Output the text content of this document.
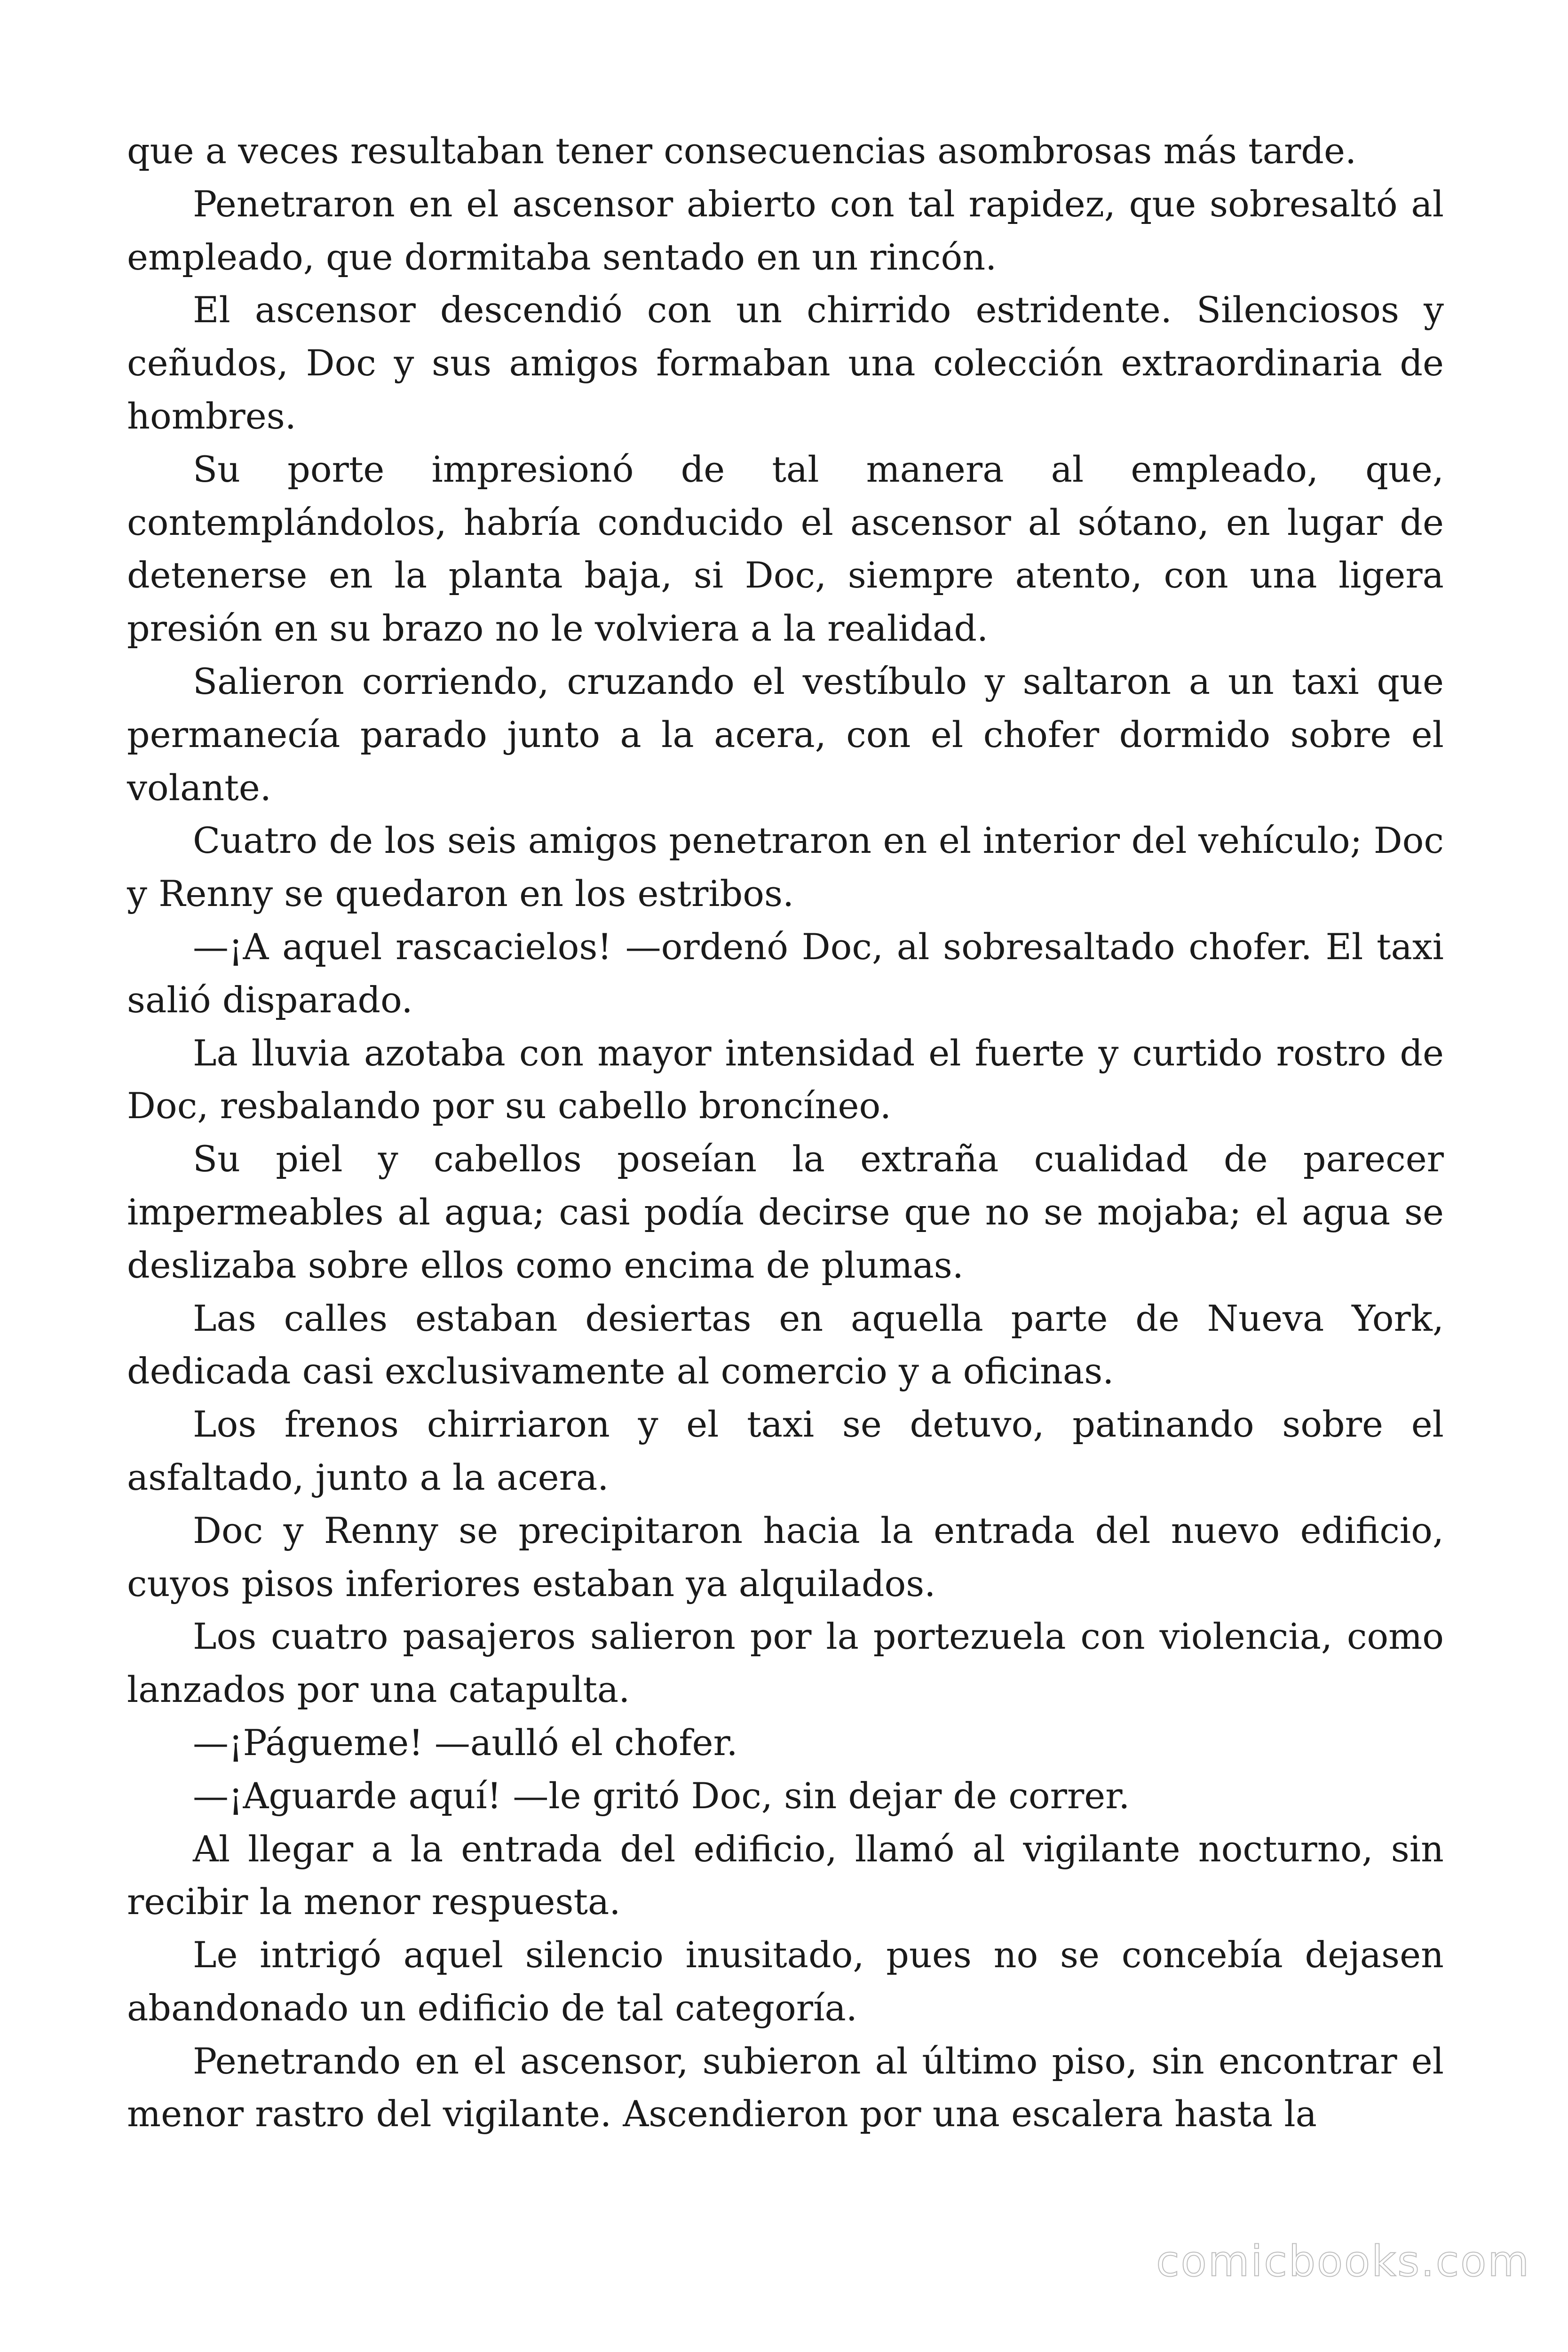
que a veces resultaban tener consecuencias asombrosas más tarde.

Penetraron en el ascensor abierto con tal rapidez, que sobresaltó al empleado, que dormitaba sentado en un rincón.

El ascensor descendió con un chirrido estridente. Silenciosos y ceñudos, Doc y sus amigos formaban una colección extraordinaria de hombres.

Su porte impresionó de tal manera al empleado, que, contemplándolos, habría conducido el ascensor al sótano, en lugar de detenerse en la planta baja, si Doc, siempre atento, con una ligera presión en su brazo no le volviera a la realidad.

Salieron corriendo, cruzando el vestíbulo y saltaron a un taxi que permanecía parado junto a la acera, con el chofer dormido sobre el volante.

Cuatro de los seis amigos penetraron en el interior del vehículo; Doc y Renny se quedaron en los estribos.

—¡A aquel rascacielos! —ordenó Doc, al sobresaltado chofer. El taxi salió disparado.

La lluvia azotaba con mayor intensidad el fuerte y curtido rostro de Doc, resbalando por su cabello broncíneo.

Su piel y cabellos poseían la extraña cualidad de parecer impermeables al agua; casi podía decirse que no se mojaba; el agua se deslizaba sobre ellos como encima de plumas.

Las calles estaban desiertas en aquella parte de Nueva York, dedicada casi exclusivamente al comercio y a oficinas.

Los frenos chirriaron y el taxi se detuvo, patinando sobre el asfaltado, junto a la acera.

Doc y Renny se precipitaron hacia la entrada del nuevo edificio, cuyos pisos inferiores estaban ya alquilados.

Los cuatro pasajeros salieron por la portezuela con violencia, como lanzados por una catapulta.

—¡Págueme! —aulló el chofer.

—¡Aguarde aquí! —le gritó Doc, sin dejar de correr.

Al llegar a la entrada del edificio, llamó al vigilante nocturno, sin recibir la menor respuesta.

Le intrigó aquel silencio inusitado, pues no se concebía dejasen abandonado un edificio de tal categoría.

Penetrando en el ascensor, subieron al último piso, sin encontrar el menor rastro del vigilante. Ascendieron por una escalera hasta la

comicbooks.com
